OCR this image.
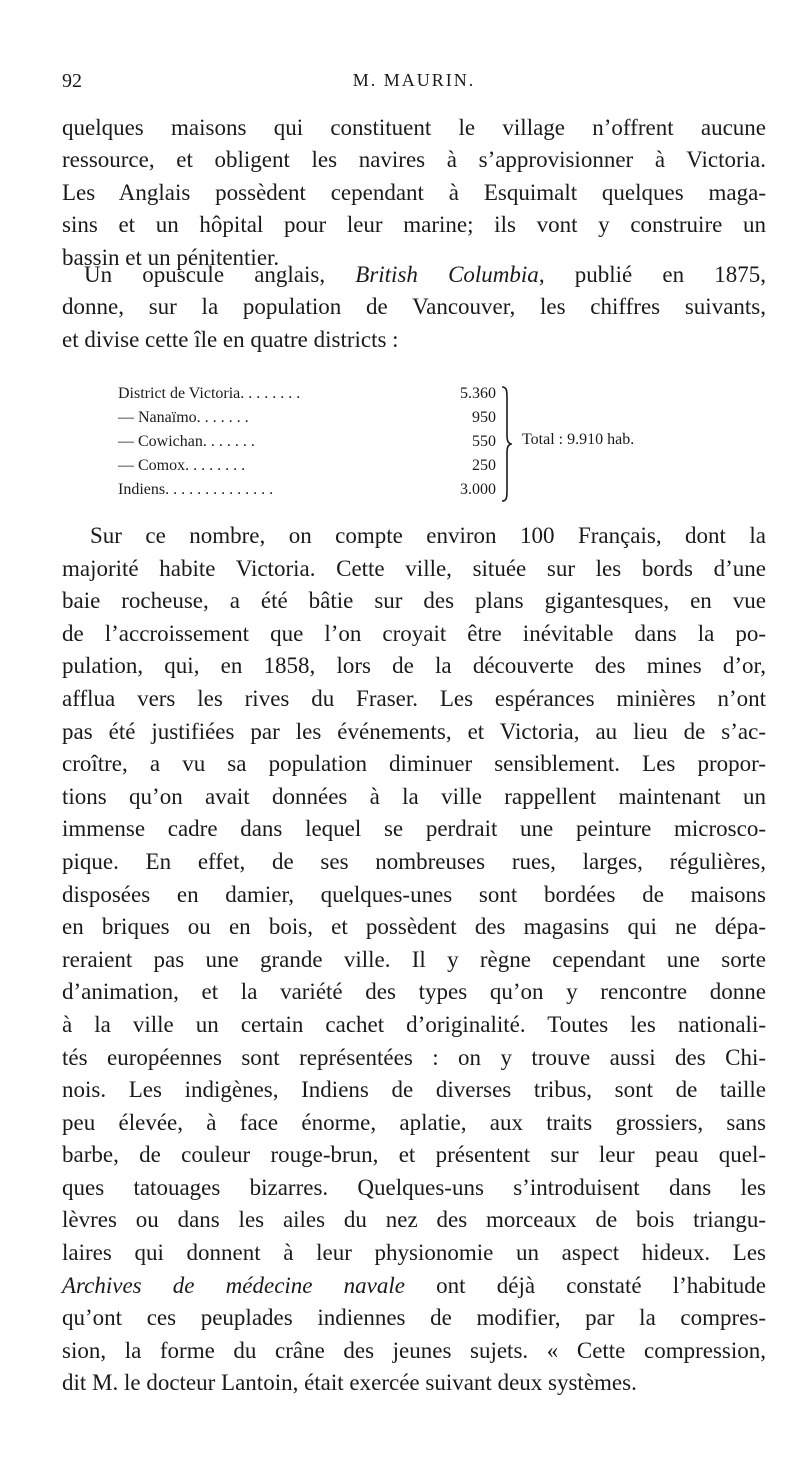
92	M. MAURIN.

quelques maisons qui constituent le village n’offrent aucune
ressource, et obligent les navires à s’approvisionner à Victoria.
Les Anglais possèdent cependant à Esquimalt quelques maga-
sins et un hôpital pour leur marine; ils vont y construire un
bassin et un pénitentier.

Un opuscule anglais, British Columbia, publié en 1875,
donne, sur la population de Vancouver, les chiffres suivants,
et divise cette île en quatre districts :

District de Victoria. . . . . . . .	5.360
— Nanaïmo. . . . . . .	950
— Cowichan. . . . . . .	550
— Comox. . . . . . . .	250
Indiens. . . . . . . . . . . . . .	3.000
Total : 9.910 hab.

Sur ce nombre, on compte environ 100 Français, dont la
majorité habite Victoria. Cette ville, située sur les bords d’une
baie rocheuse, a été bâtie sur des plans gigantesques, en vue
de l’accroissement que l’on croyait être inévitable dans la po-
pulation, qui, en 1858, lors de la découverte des mines d’or,
afflua vers les rives du Fraser. Les espérances minières n’ont
pas été justifiées par les événements, et Victoria, au lieu de s’ac-
croître, a vu sa population diminuer sensiblement. Les propor-
tions qu’on avait données à la ville rappellent maintenant un
immense cadre dans lequel se perdrait une peinture microsco-
pique. En effet, de ses nombreuses rues, larges, régulières,
disposées en damier, quelques-unes sont bordées de maisons
en briques ou en bois, et possèdent des magasins qui ne dépa-
reraient pas une grande ville. Il y règne cependant une sorte
d’animation, et la variété des types qu’on y rencontre donne
à la ville un certain cachet d’originalité. Toutes les nationali-
tés européennes sont représentées : on y trouve aussi des Chi-
nois. Les indigènes, Indiens de diverses tribus, sont de taille
peu élevée, à face énorme, aplatie, aux traits grossiers, sans
barbe, de couleur rouge-brun, et présentent sur leur peau quel-
ques tatouages bizarres. Quelques-uns s’introduisent dans les
lèvres ou dans les ailes du nez des morceaux de bois triangu-
laires qui donnent à leur physionomie un aspect hideux. Les
Archives de médecine navale ont déjà constaté l’habitude
qu’ont ces peuplades indiennes de modifier, par la compres-
sion, la forme du crâne des jeunes sujets. « Cette compression,
dit M. le docteur Lantoin, était exercée suivant deux systèmes.
